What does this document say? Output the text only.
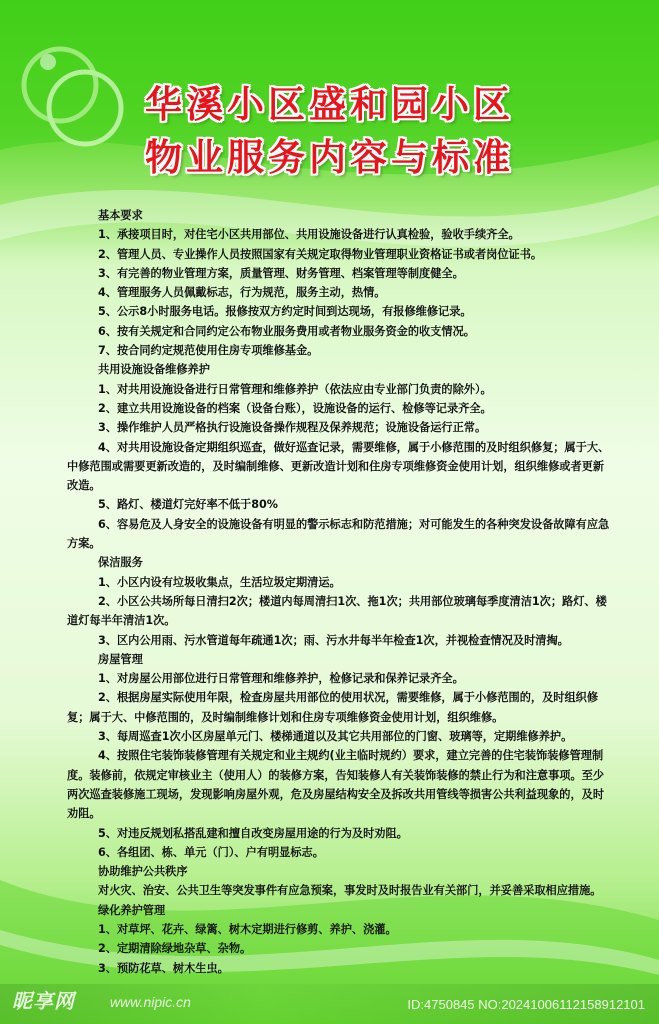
华溪小区盛和园小区
物业服务内容与标准

基本要求

1、承接项目时，对住宅小区共用部位、共用设施设备进行认真检验，验收手续齐全。

2、管理人员、专业操作人员按照国家有关规定取得物业管理职业资格证书或者岗位证书。

3、有完善的物业管理方案，质量管理、财务管理、档案管理等制度健全。

4、管理服务人员佩戴标志，行为规范，服务主动，热情。

5、公示8小时服务电话。报修按双方约定时间到达现场，有报修维修记录。

6、按有关规定和合同约定公布物业服务费用或者物业服务资金的收支情况。

7、按合同约定规范使用住房专项维修基金。

共用设施设备维修养护

1、对共用设施设备进行日常管理和维修养护（依法应由专业部门负责的除外）。

2、建立共用设施设备的档案（设备台账），设施设备的运行、检修等记录齐全。

3、操作维护人员严格执行设施设备操作规程及保养规范；设施设备运行正常。

4、对共用设施设备定期组织巡查，做好巡查记录，需要维修，属于小修范围的及时组织修复；属于大、中修范围或需要更新改造的，及时编制维修、更新改造计划和住房专项维修资金使用计划，组织维修或者更新改造。

5、路灯、楼道灯完好率不低于80%

6、容易危及人身安全的设施设备有明显的警示标志和防范措施；对可能发生的各种突发设备故障有应急方案。

保洁服务

1、小区内设有垃圾收集点，生活垃圾定期清运。

2、小区公共场所每日清扫2次；楼道内每周清扫1次、拖1次；共用部位玻璃每季度清洁1次；路灯、楼道灯每半年清洁1次。

3、区内公用雨、污水管道每年疏通1次；雨、污水井每半年检查1次，并视检查情况及时清掏。

房屋管理

1、对房屋公用部位进行日常管理和维修养护，检修记录和保养记录齐全。

2、根据房屋实际使用年限，检查房屋共用部位的使用状况，需要维修，属于小修范围的，及时组织修复；属于大、中修范围的，及时编制维修计划和住房专项维修资金使用计划，组织维修。

3、每周巡查1次小区房屋单元门、楼梯通道以及其它共用部位的门窗、玻璃等，定期维修养护。

4、按照住宅装饰装修管理有关规定和业主规约(业主临时规约）要求，建立完善的住宅装饰装修管理制度。装修前，依规定审核业主（使用人）的装修方案，告知装修人有关装饰装修的禁止行为和注意事项。至少两次巡查装修施工现场，发现影响房屋外观，危及房屋结构安全及拆改共用管线等损害公共利益现象的，及时劝阻。

5、对违反规划私搭乱建和擅自改变房屋用途的行为及时劝阻。

6、各组团、栋、单元（门）、户有明显标志。

协助维护公共秩序

对火灾、治安、公共卫生等突发事件有应急预案，事发时及时报告业有关部门，并妥善采取相应措施。

绿化养护管理

1、对草坪、花卉、绿篱、树木定期进行修剪、养护、浇灌。

2、定期清除绿地杂草、杂物。

3、预防花草、树木生虫。

昵享网	www.nipic.cn	ID:4750845 NO:20241006112158912101
